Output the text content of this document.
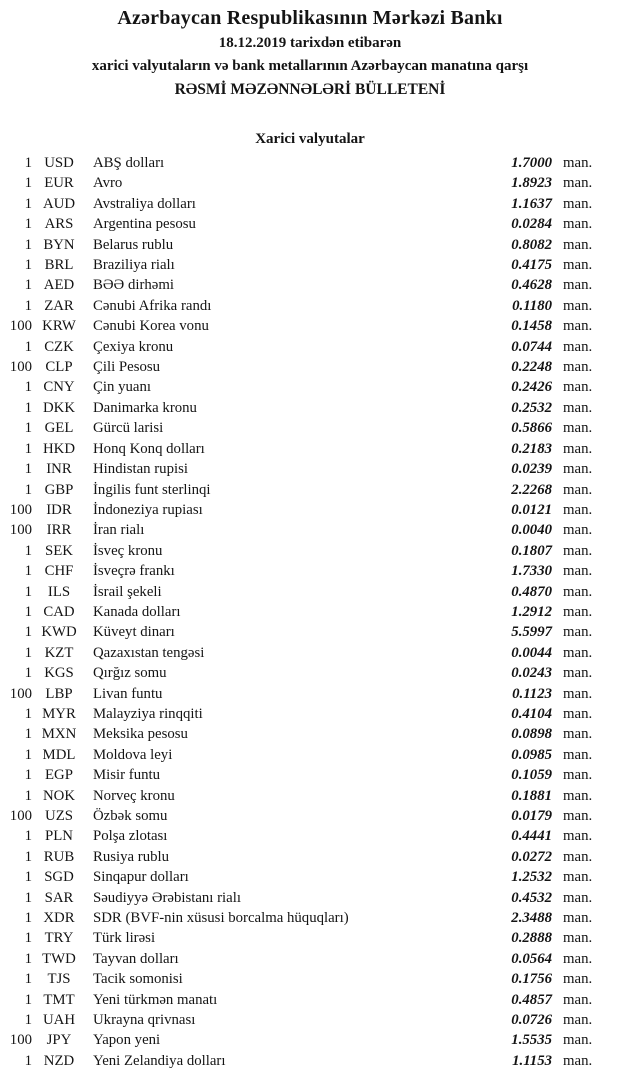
Azərbaycan Respublikasının Mərkəzi Bankı
18.12.2019 tarixdən etibarən
xarici valyutaların və bank metallarının Azərbaycan manatına qarşı
RƏSMİ MƏZƏNNƏLƏRİ BÜLLETENİ
Xarici valyutalar
1 USD	ABŞ dolları	1.7000 man.
1 EUR	Avro	1.8923 man.
1 AUD	Avstraliya dolları	1.1637 man.
1 ARS	Argentina pesosu	0.0284 man.
1 BYN	Belarus rublu	0.8082 man.
1 BRL	Braziliya rialı	0.4175 man.
1 AED	BƏƏ dirhəmi	0.4628 man.
1 ZAR	Cənubi Afrika randı	0.1180 man.
100 KRW	Cənubi Korea vonu	0.1458 man.
1 CZK	Çexiya kronu	0.0744 man.
100 CLP	Çili Pesosu	0.2248 man.
1 CNY	Çin yuanı	0.2426 man.
1 DKK	Danimarka kronu	0.2532 man.
1 GEL	Gürcü larisi	0.5866 man.
1 HKD	Honq Konq dolları	0.2183 man.
1 INR	Hindistan rupisi	0.0239 man.
1 GBP	İngilis funt sterlinqi	2.2268 man.
100 IDR	İndoneziya rupiası	0.0121 man.
100 IRR	İran rialı	0.0040 man.
1 SEK	İsveç kronu	0.1807 man.
1 CHF	İsveçrə frankı	1.7330 man.
1	ILS	İsrail şekeli	0.4870 man.
1 CAD	Kanada dolları	1.2912 man.
1 KWD	Küveyt dinarı	5.5997 man.
1 KZT	Qazaxıstan tengəsi	0.0044 man.
1 KGS	Qırğız somu	0.0243 man.
100 LBP	Livan funtu	0.1123 man.
1 MYR	Malayziya rinqqiti	0.4104 man.
1 MXN	Meksika pesosu	0.0898 man.
1 MDL	Moldova leyi	0.0985 man.
1 EGP	Misir funtu	0.1059 man.
1 NOK	Norveç kronu	0.1881 man.
100 UZS	Özbək somu	0.0179 man.
1 PLN	Polşa zlotası	0.4441 man.
1 RUB	Rusiya rublu	0.0272 man.
1 SGD	Sinqapur dolları	1.2532 man.
1 SAR	Səudiyyə Ərəbistanı rialı	0.4532 man.
1 XDR	SDR (BVF-nin xüsusi borcalma hüquqları)	2.3488 man.
1 TRY	Türk lirəsi	0.2888 man.
1 TWD	Tayvan dolları	0.0564 man.
1	TJS	Tacik somonisi	0.1756 man.
1 TMT	Yeni türkmən manatı	0.4857 man.
1 UAH	Ukrayna qrivnası	0.0726 man.
100 JPY	Yapon yeni	1.5535 man.
1 NZD	Yeni Zelandiya dolları	1.1153 man.
